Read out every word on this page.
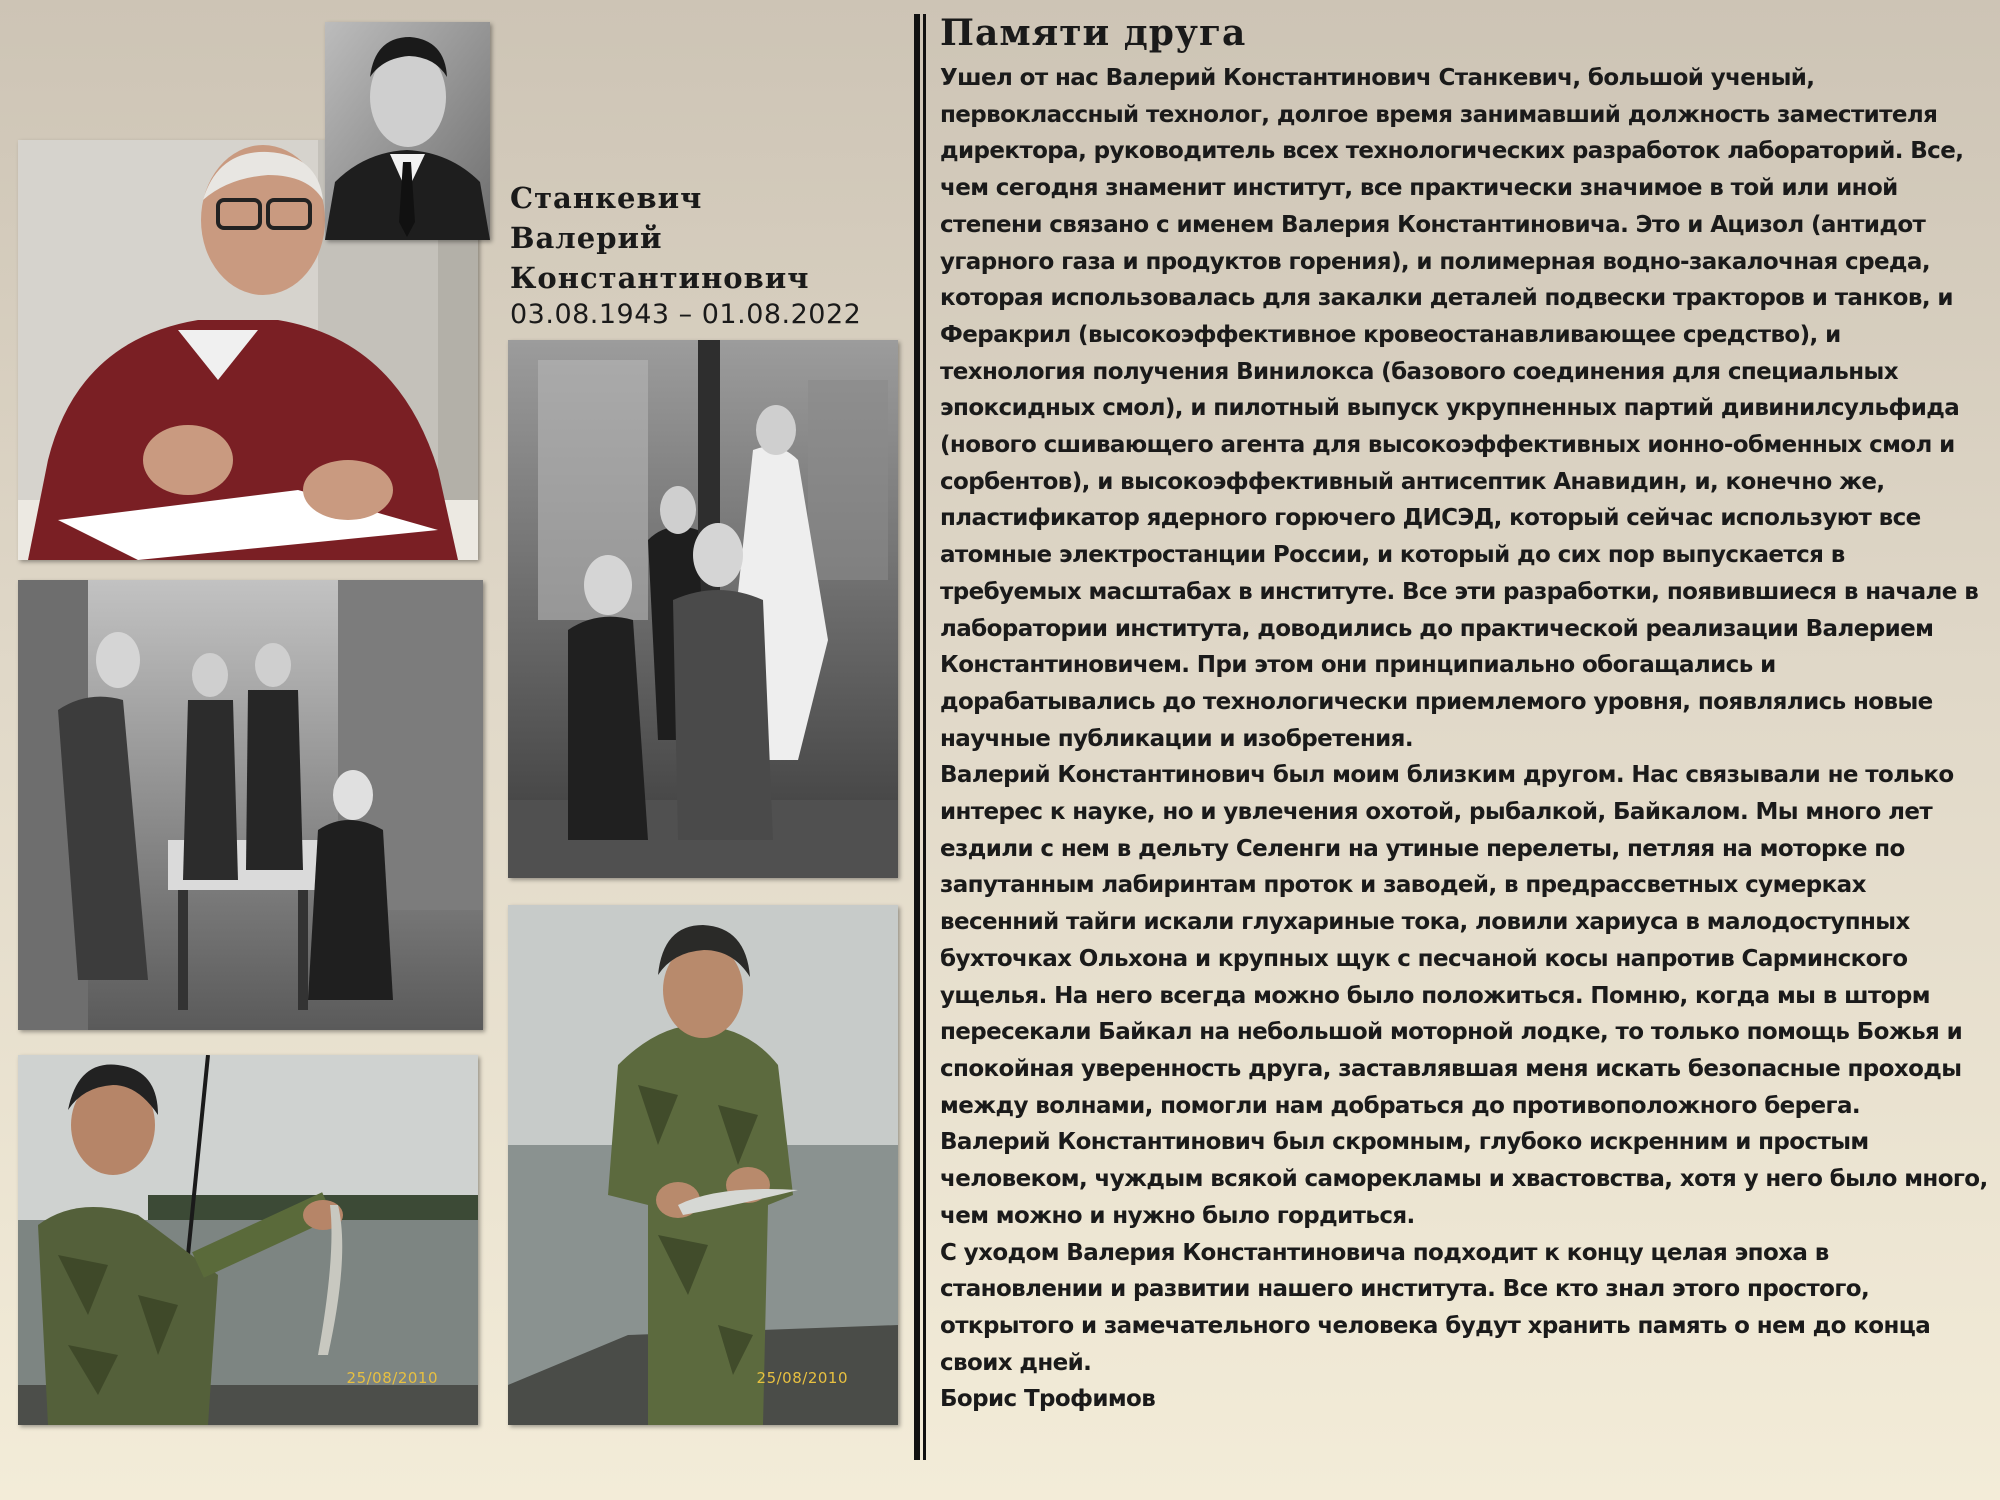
Станкевич
Валерий
Константинович
03.08.1943 – 01.08.2022
25/08/2010	25/08/2010
Памяти друга

Ушел от нас Валерий Константинович Станкевич, большой ученый, первоклассный технолог, долгое время занимавший должность заместителя директора, руководитель всех технологических разработок лабораторий. Все, чем сегодня знаменит институт, все практически значимое в той или иной степени связано с именем Валерия Константиновича. Это и Ацизол (антидот угарного газа и продуктов горения), и полимерная водно-закалочная среда, которая использовалась для закалки деталей подвески тракторов и танков, и Феракрил (высокоэффективное кровеостанавливающее средство), и технология получения Винилокса (базового соединения для специальных эпоксидных смол), и пилотный выпуск укрупненных партий дивинилсульфида (нового сшивающего агента для высокоэффективных ионно-обменных смол и сорбентов), и высокоэффективный антисептик Анавидин, и, конечно же, пластификатор ядерного горючего ДИСЭД, который сейчас используют все атомные электростанции России, и который до сих пор выпускается в требуемых масштабах в институте. Все эти разработки, появившиеся в начале в лаборатории института, доводились до практической реализации Валерием Константиновичем. При этом они принципиально обогащались и дорабатывались до технологически приемлемого уровня, появлялись новые научные публикации и изобретения.

Валерий Константинович был моим близким другом. Нас связывали не только интерес к науке, но и увлечения охотой, рыбалкой, Байкалом. Мы много лет ездили с нем в дельту Селенги на утиные перелеты, петляя на моторке по запутанным лабиринтам проток и заводей, в предрассветных сумерках весенний тайги искали глухариные тока, ловили хариуса в малодоступных бухточках Ольхона и крупных щук с песчаной косы напротив Сарминского ущелья. На него всегда можно было положиться. Помню, когда мы в шторм пересекали Байкал на небольшой моторной лодке, то только помощь Божья и спокойная уверенность друга, заставлявшая меня искать безопасные проходы между волнами, помогли нам добраться до противоположного берега.

Валерий Константинович был скромным, глубоко искренним и простым человеком, чуждым всякой саморекламы и хвастовства, хотя у него было много, чем можно и нужно было гордиться.

С уходом Валерия Константиновича подходит к концу целая эпоха в становлении и развитии нашего института. Все кто знал этого простого, открытого и замечательного человека будут хранить память о нем до конца своих дней.

Борис Трофимов
